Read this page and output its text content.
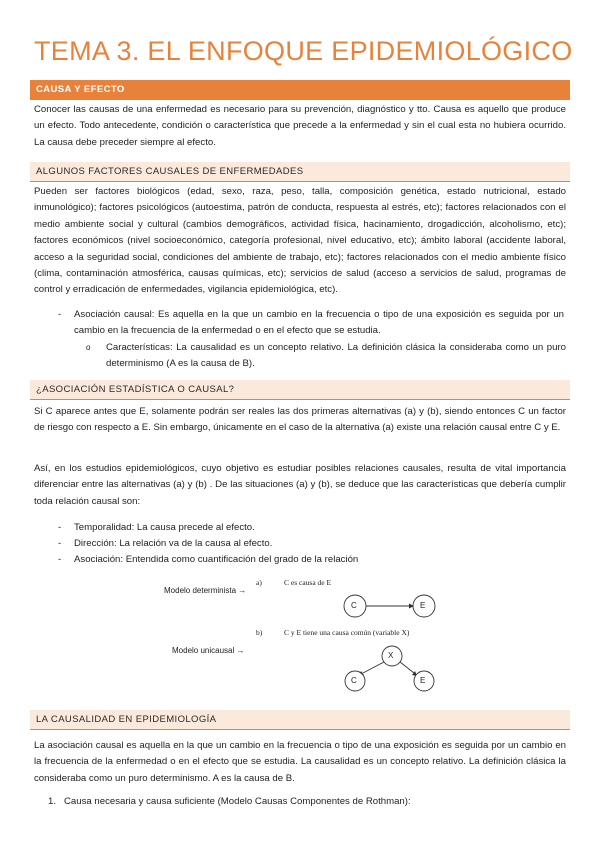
TEMA 3. EL ENFOQUE EPIDEMIOLÓGICO
CAUSA Y EFECTO
Conocer las causas de una enfermedad es necesario para su prevención, diagnóstico y tto. Causa es aquello que produce un efecto. Todo antecedente, condición o característica que precede a la enfermedad y sin el cual esta no hubiera ocurrido. La causa debe preceder siempre al efecto.
ALGUNOS FACTORES CAUSALES DE ENFERMEDADES
Pueden ser factores biológicos (edad, sexo, raza, peso, talla, composición genética, estado nutricional, estado inmunológico); factores psicológicos (autoestima, patrón de conducta, respuesta al estrés, etc); factores relacionados con el medio ambiente social y cultural (cambios demográficos, actividad física, hacinamiento, drogadicción, alcoholismo, etc); factores económicos (nivel socioeconómico, categoría profesional, nivel educativo, etc); ámbito laboral (accidente laboral, acceso a la seguridad social, condiciones del ambiente de trabajo, etc); factores relacionados con el medio ambiente físico (clima, contaminación atmosférica, causas químicas, etc); servicios de salud (acceso a servicios de salud, programas de control y erradicación de enfermedades, vigilancia epidemiológica, etc).
- Asociación causal: Es aquella en la que un cambio en la frecuencia o tipo de una exposición es seguida por un cambio en la frecuencia de la enfermedad o en el efecto que se estudia.
o Características: La causalidad es un concepto relativo. La definición clásica la consideraba como un puro determinismo (A es la causa de B).
¿ASOCIACIÓN ESTADÍSTICA O CAUSAL?
Si C aparece antes que E, solamente podrán ser reales las dos primeras alternativas (a) y (b), siendo entonces C un factor de riesgo con respecto a E. Sin embargo, únicamente en el caso de la alternativa (a) existe una relación causal entre C y E.
Así, en los estudios epidemiológicos, cuyo objetivo es estudiar posibles relaciones causales, resulta de vital importancia diferenciar entre las alternativas (a) y (b) . De las situaciones (a) y (b), se deduce que las características que debería cumplir toda relación causal son:
- Temporalidad: La causa precede al efecto.
- Dirección: La relación va de la causa al efecto.
- Asociación: Entendida como cuantificación del grado de la relación
Modelo determinista →
a)	C es causa de E
C	E
b)	C y E tiene una causa común (variable X)
Modelo unicausal →
X
C	E
LA CAUSALIDAD EN EPIDEMIOLOGÍA
La asociación causal es aquella en la que un cambio en la frecuencia o tipo de una exposición es seguida por un cambio en la frecuencia de la enfermedad o en el efecto que se estudia. La causalidad es un concepto relativo. La definición clásica la consideraba como un puro determinismo. A es la causa de B.
1. Causa necesaria y causa suficiente (Modelo Causas Componentes de Rothman):
